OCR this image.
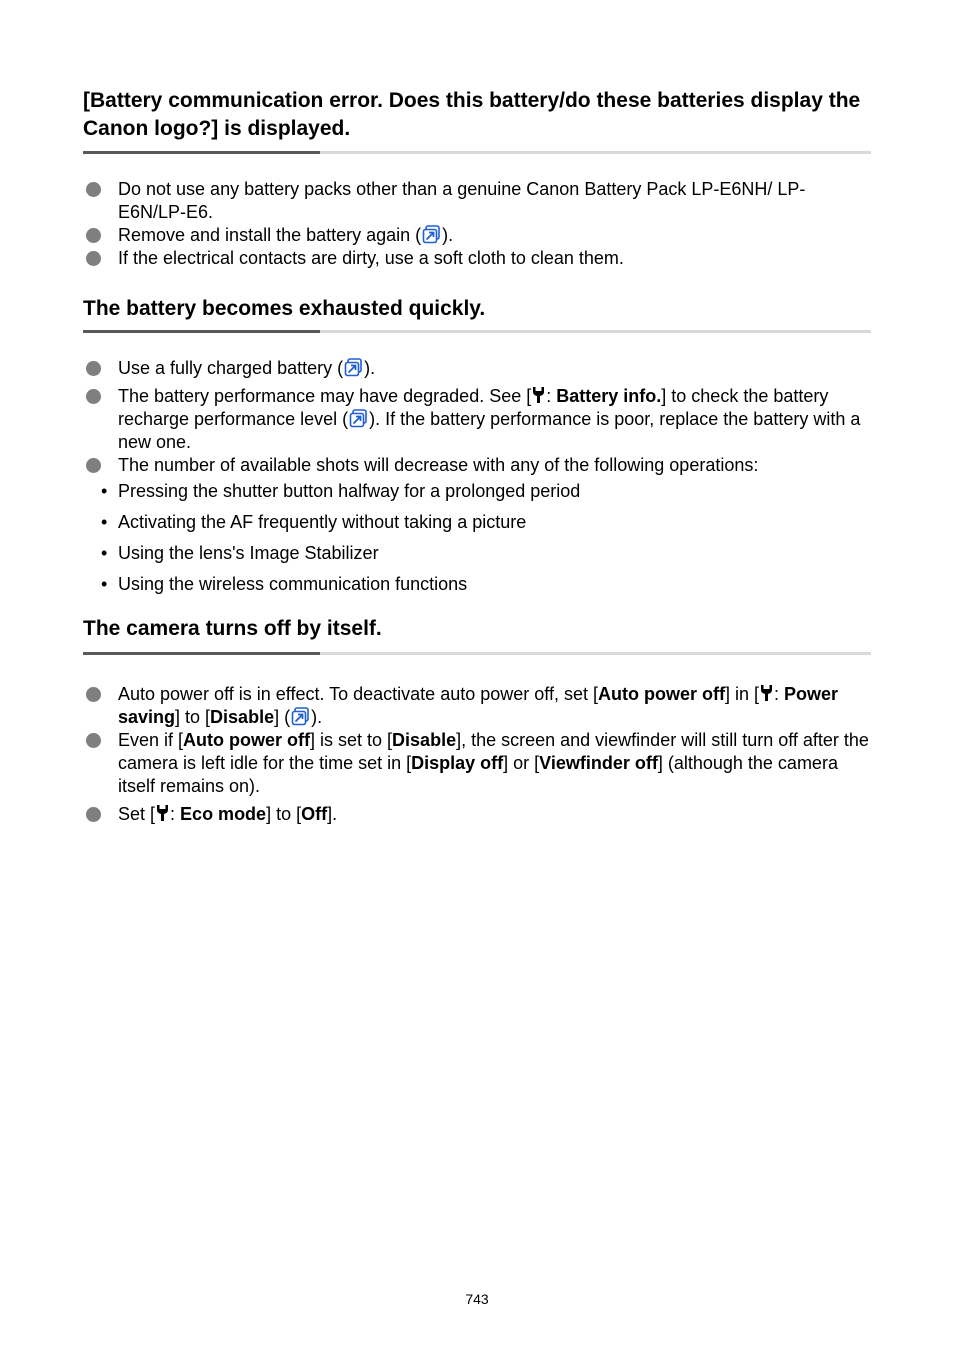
[Battery communication error. Does this battery/do these batteries display the Canon logo?] is displayed.
Do not use any battery packs other than a genuine Canon Battery Pack LP-E6NH/ LP-E6N/LP-E6.
Remove and install the battery again ( ).
If the electrical contacts are dirty, use a soft cloth to clean them.
The battery becomes exhausted quickly.
Use a fully charged battery ( ).
The battery performance may have degraded. See [ : Battery info.] to check the battery recharge performance level ( ). If the battery performance is poor, replace the battery with a new one.
The number of available shots will decrease with any of the following operations:
• Pressing the shutter button halfway for a prolonged period
• Activating the AF frequently without taking a picture
• Using the lens's Image Stabilizer
• Using the wireless communication functions
The camera turns off by itself.
Auto power off is in effect. To deactivate auto power off, set [Auto power off] in [ : Power saving] to [Disable] ( ).
Even if [Auto power off] is set to [Disable], the screen and viewfinder will still turn off after the camera is left idle for the time set in [Display off] or [Viewfinder off] (although the camera itself remains on).
Set [ : Eco mode] to [Off].
743
